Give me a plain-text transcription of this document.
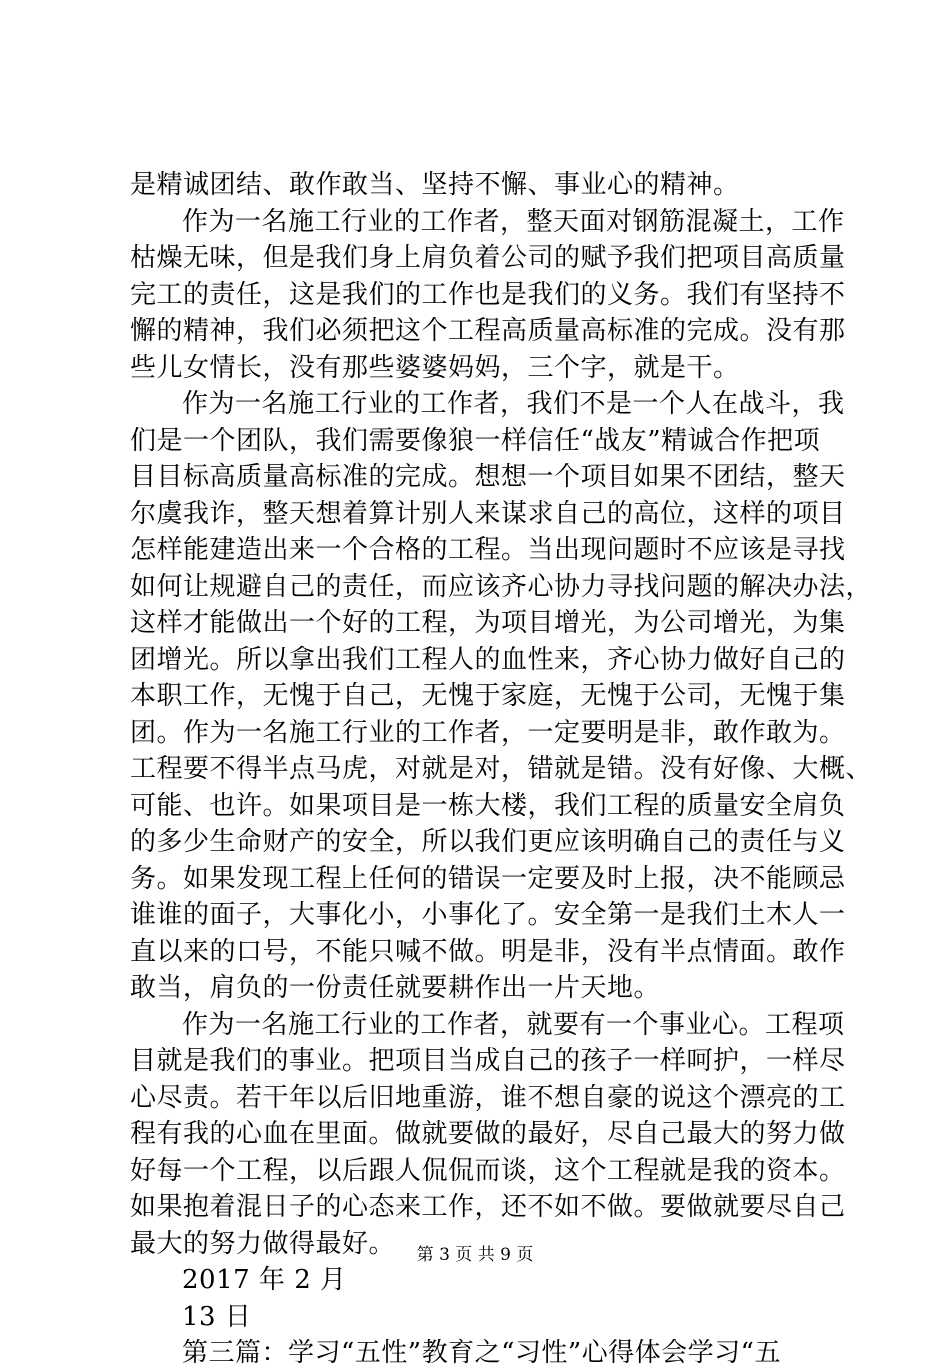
是精诚团结、敢作敢当、坚持不懈、事业心的精神。
作为一名施工行业的工作者，整天面对钢筋混凝土，工作
枯燥无味，但是我们身上肩负着公司的赋予我们把项目高质量
完工的责任，这是我们的工作也是我们的义务。我们有坚持不
懈的精神，我们必须把这个工程高质量高标准的完成。没有那
些儿女情长，没有那些婆婆妈妈，三个字，就是干。
作为一名施工行业的工作者，我们不是一个人在战斗，我
们是一个团队，我们需要像狼一样信任“战友”精诚合作把项
目目标高质量高标准的完成。想想一个项目如果不团结，整天
尔虞我诈，整天想着算计别人来谋求自己的高位，这样的项目
怎样能建造出来一个合格的工程。当出现问题时不应该是寻找
如何让规避自己的责任，而应该齐心协力寻找问题的解决办法，
这样才能做出一个好的工程，为项目增光，为公司增光，为集
团增光。所以拿出我们工程人的血性来，齐心协力做好自己的
本职工作，无愧于自己，无愧于家庭，无愧于公司，无愧于集
团。作为一名施工行业的工作者，一定要明是非，敢作敢为。
工程要不得半点马虎，对就是对，错就是错。没有好像、大概、
可能、也许。如果项目是一栋大楼，我们工程的质量安全肩负
的多少生命财产的安全，所以我们更应该明确自己的责任与义
务。如果发现工程上任何的错误一定要及时上报，决不能顾忌
谁谁的面子，大事化小，小事化了。安全第一是我们土木人一
直以来的口号，不能只喊不做。明是非，没有半点情面。敢作
敢当，肩负的一份责任就要耕作出一片天地。
作为一名施工行业的工作者，就要有一个事业心。工程项
目就是我们的事业。把项目当成自己的孩子一样呵护，一样尽
心尽责。若干年以后旧地重游，谁不想自豪的说这个漂亮的工
程有我的心血在里面。做就要做的最好，尽自己最大的努力做
好每一个工程，以后跟人侃侃而谈，这个工程就是我的资本。
如果抱着混日子的心态来工作，还不如不做。要做就要尽自己
最大的努力做得最好。
2017 年 2 月
13 日
第三篇：学习“五性”教育之“习性”心得体会学习“五
第 3 页 共 9 页
